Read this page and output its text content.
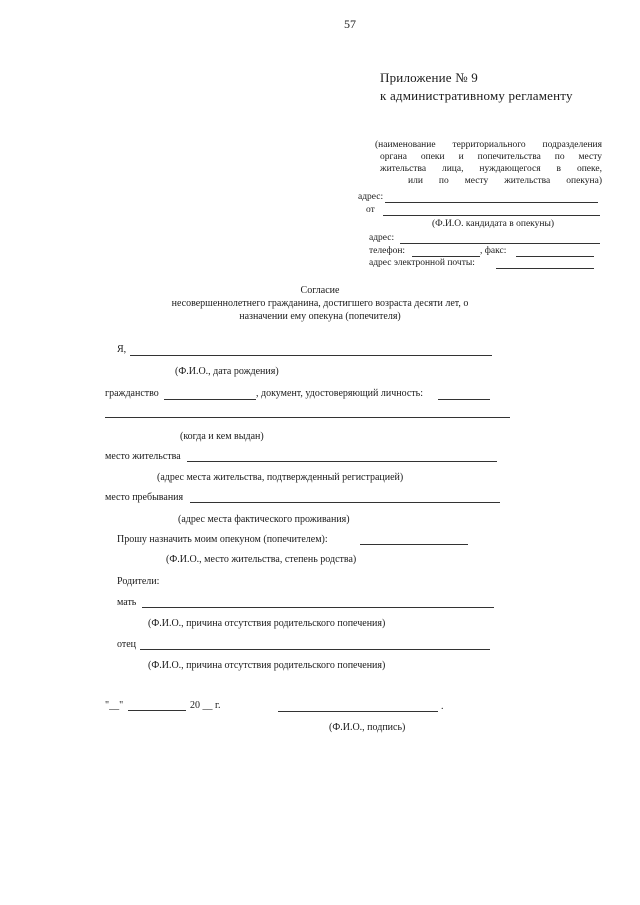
57
Приложение № 9
к административному регламенту
(наименование территориального подразделения
органа опеки и попечительства по месту
жительства лица, нуждающегося в опеке,
или по месту жительства опекуна)
адрес:
от
(Ф.И.О. кандидата в опекуны)
адрес:
телефон:	, факс:
адрес электронной почты:
Согласие
несовершеннолетнего гражданина, достигшего возраста десяти лет, о
назначении ему опекуна (попечителя)
Я,
(Ф.И.О., дата рождения)
гражданство	, документ, удостоверяющий личность:
(когда и кем выдан)
место жительства
(адрес места жительства, подтвержденный регистрацией)
место пребывания
(адрес места фактического проживания)
Прошу назначить моим опекуном (попечителем):
(Ф.И.О., место жительства, степень родства)
Родители:
мать
(Ф.И.О., причина отсутствия родительского попечения)
отец
(Ф.И.О., причина отсутствия родительского попечения)
"__"	20 __ г.	.
(Ф.И.О., подпись)
